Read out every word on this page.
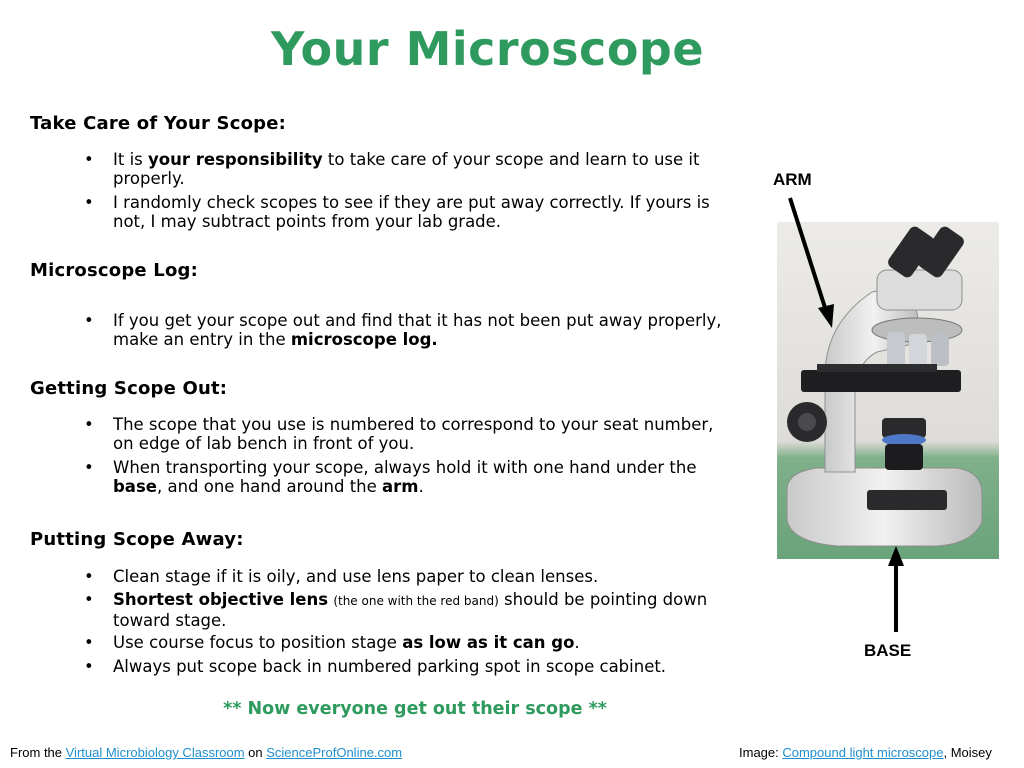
Your Microscope
Take Care of Your Scope:
• It is your responsibility to take care of your scope and learn to use it properly.
• I randomly check scopes to see if they are put away correctly. If yours is not, I may subtract points from your lab grade.
Microscope Log:
• If you get your scope out and find that it has not been put away properly, make an entry in the microscope log.
Getting Scope Out:
• The scope that you use is numbered to correspond to your seat number, on edge of lab bench in front of you.
• When transporting your scope, always hold it with one hand under the base, and one hand around the arm.
Putting Scope Away:
• Clean stage if it is oily, and use lens paper to clean lenses.
• Shortest objective lens (the one with the red band) should be pointing down toward stage.
• Use course focus to position stage as low as it can go.
• Always put scope back in numbered parking spot in scope cabinet.
** Now everyone get out their scope **
ARM
BASE
From the Virtual Microbiology Classroom on ScienceProfOnline.com	Image: Compound light microscope, Moisey
